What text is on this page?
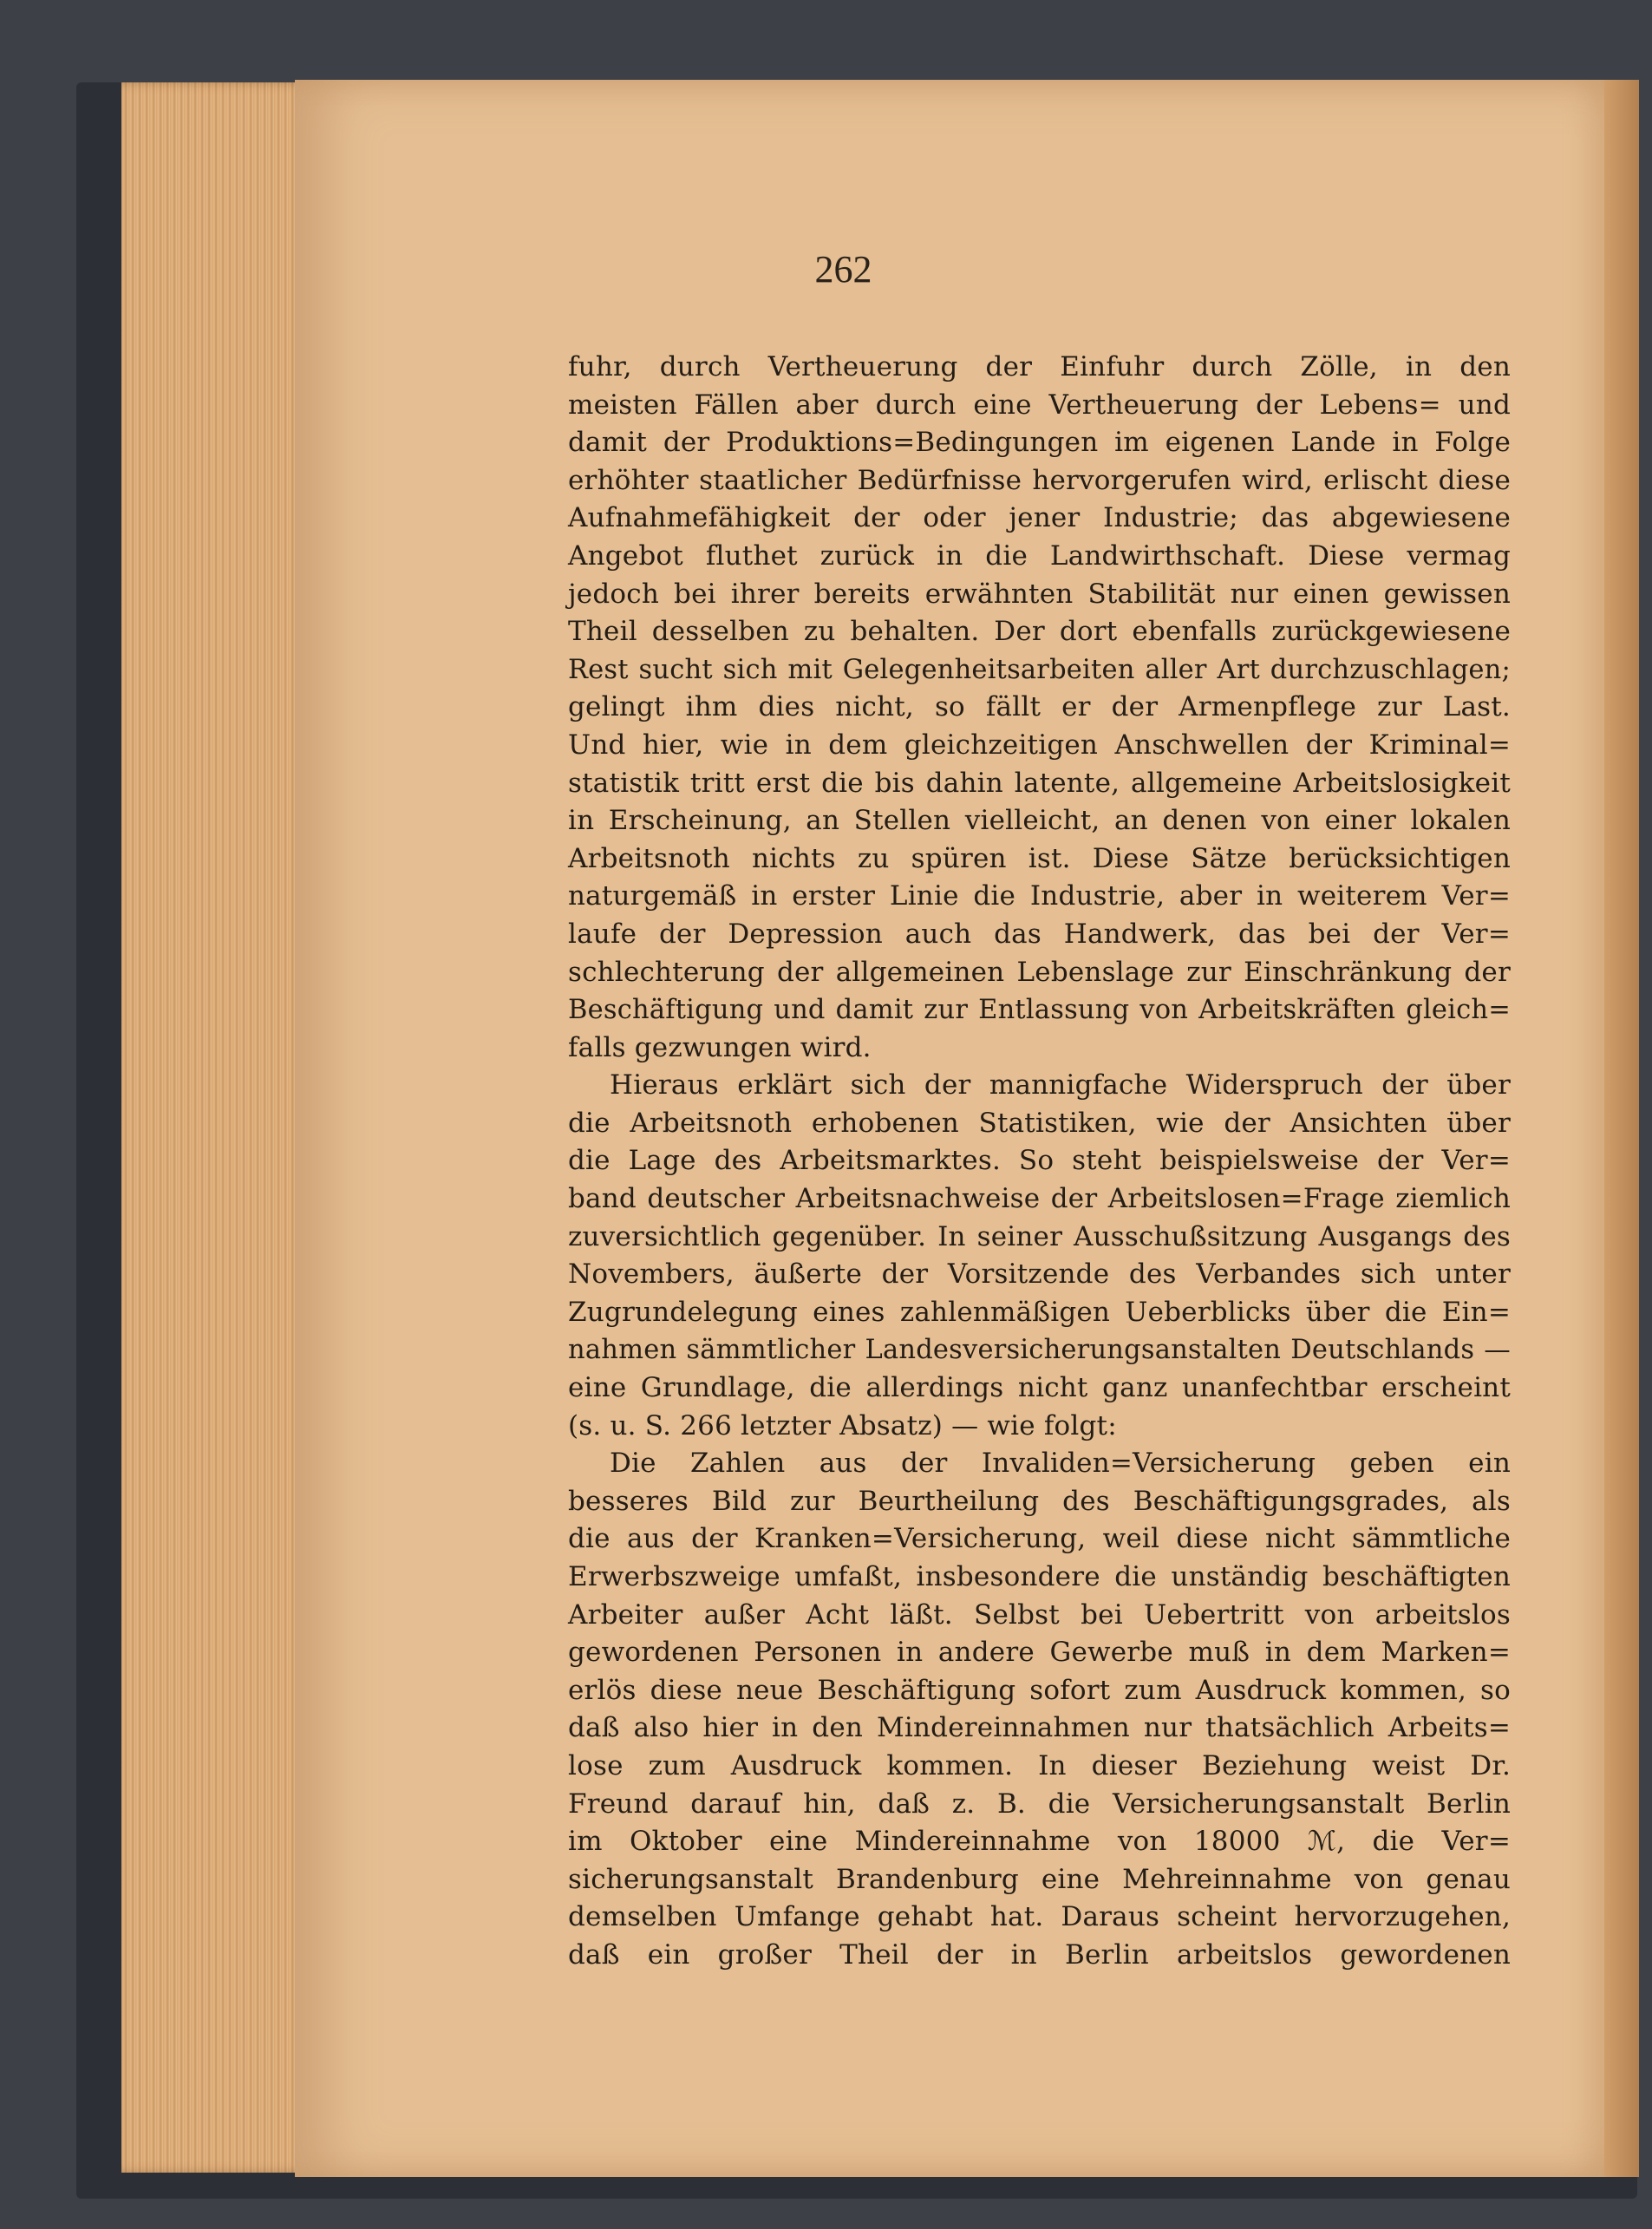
262
fuhr, durch Vertheuerung der Einfuhr durch Zölle, in den
meisten Fällen aber durch eine Vertheuerung der Lebens= und
damit der Produktions=Bedingungen im eigenen Lande in Folge
erhöhter staatlicher Bedürfnisse hervorgerufen wird, erlischt diese
Aufnahmefähigkeit der oder jener Industrie; das abgewiesene
Angebot fluthet zurück in die Landwirthschaft. Diese vermag
jedoch bei ihrer bereits erwähnten Stabilität nur einen gewissen
Theil desselben zu behalten. Der dort ebenfalls zurückgewiesene
Rest sucht sich mit Gelegenheitsarbeiten aller Art durchzuschlagen;
gelingt ihm dies nicht, so fällt er der Armenpflege zur Last.
Und hier, wie in dem gleichzeitigen Anschwellen der Kriminal=
statistik tritt erst die bis dahin latente, allgemeine Arbeitslosigkeit
in Erscheinung, an Stellen vielleicht, an denen von einer lokalen
Arbeitsnoth nichts zu spüren ist. Diese Sätze berücksichtigen
naturgemäß in erster Linie die Industrie, aber in weiterem Ver=
laufe der Depression auch das Handwerk, das bei der Ver=
schlechterung der allgemeinen Lebenslage zur Einschränkung der
Beschäftigung und damit zur Entlassung von Arbeitskräften gleich=
falls gezwungen wird.
Hieraus erklärt sich der mannigfache Widerspruch der über
die Arbeitsnoth erhobenen Statistiken, wie der Ansichten über
die Lage des Arbeitsmarktes. So steht beispielsweise der Ver=
band deutscher Arbeitsnachweise der Arbeitslosen=Frage ziemlich
zuversichtlich gegenüber. In seiner Ausschußsitzung Ausgangs des
Novembers, äußerte der Vorsitzende des Verbandes sich unter
Zugrundelegung eines zahlenmäßigen Ueberblicks über die Ein=
nahmen sämmtlicher Landesversicherungsanstalten Deutschlands —
eine Grundlage, die allerdings nicht ganz unanfechtbar erscheint
(s. u. S. 266 letzter Absatz) — wie folgt:
Die Zahlen aus der Invaliden=Versicherung geben ein
besseres Bild zur Beurtheilung des Beschäftigungsgrades, als
die aus der Kranken=Versicherung, weil diese nicht sämmtliche
Erwerbszweige umfaßt, insbesondere die unständig beschäftigten
Arbeiter außer Acht läßt. Selbst bei Uebertritt von arbeitslos
gewordenen Personen in andere Gewerbe muß in dem Marken=
erlös diese neue Beschäftigung sofort zum Ausdruck kommen, so
daß also hier in den Mindereinnahmen nur thatsächlich Arbeits=
lose zum Ausdruck kommen. In dieser Beziehung weist Dr.
Freund darauf hin, daß z. B. die Versicherungsanstalt Berlin
im Oktober eine Mindereinnahme von 18000 ℳ, die Ver=
sicherungsanstalt Brandenburg eine Mehreinnahme von genau
demselben Umfange gehabt hat. Daraus scheint hervorzugehen,
daß ein großer Theil der in Berlin arbeitslos gewordenen
